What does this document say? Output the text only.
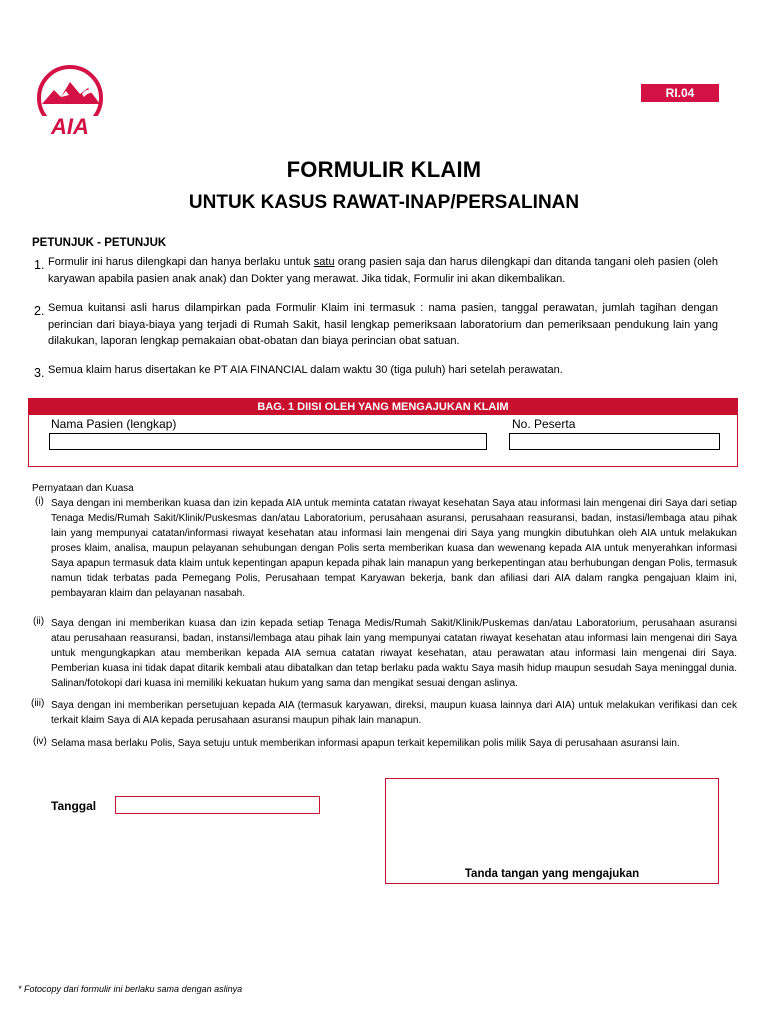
AIA
RI.04
FORMULIR KLAIM
UNTUK KASUS RAWAT-INAP/PERSALINAN
PETUNJUK - PETUNJUK
1. Formulir ini harus dilengkapi dan hanya berlaku untuk satu orang pasien saja dan harus dilengkapi dan ditanda tangani oleh pasien (oleh karyawan apabila pasien anak anak) dan Dokter yang merawat. Jika tidak, Formulir ini akan dikembalikan.
2. Semua kuitansi asli harus dilampirkan pada Formulir Klaim ini termasuk : nama pasien, tanggal perawatan, jumlah tagihan dengan perincian dari biaya-biaya yang terjadi di Rumah Sakit, hasil lengkap pemeriksaan laboratorium dan pemeriksaan pendukung lain yang dilakukan, laporan lengkap pemakaian obat-obatan dan biaya perincian obat satuan.
3. Semua klaim harus disertakan ke PT AIA FINANCIAL dalam waktu 30 (tiga puluh) hari setelah perawatan.
BAG. 1 DIISI OLEH YANG MENGAJUKAN KLAIM
Nama Pasien (lengkap)	No. Peserta
Pernyataan dan Kuasa
(i) Saya dengan ini memberikan kuasa dan izin kepada AIA untuk meminta catatan riwayat kesehatan Saya atau informasi lain mengenai diri Saya dari setiap Tenaga Medis/Rumah Sakit/Klinik/Puskesmas dan/atau Laboratorium, perusahaan asuransi, perusahaan reasuransi, badan, instasi/lembaga atau pihak lain yang mempunyai catatan/informasi riwayat kesehatan atau informasi lain mengenai diri Saya yang mungkin dibutuhkan oleh AIA untuk melakukan proses klaim, analisa, maupun pelayanan sehubungan dengan Polis serta memberikan kuasa dan wewenang kepada AIA untuk menyerahkan informasi Saya apapun termasuk data klaim untuk kepentingan apapun kepada pihak lain manapun yang berkepentingan atau berhubungan dengan Polis, termasuk namun tidak terbatas pada Pemegang Polis, Perusahaan tempat Karyawan bekerja, bank dan afiliasi dari AIA dalam rangka pengajuan klaim ini, pembayaran klaim dan pelayanan nasabah.
(ii) Saya dengan ini memberikan kuasa dan izin kepada setiap Tenaga Medis/Rumah Sakit/Klinik/Puskemas dan/atau Laboratorium, perusahaan asuransi atau perusahaan reasuransi, badan, instansi/lembaga atau pihak lain yang mempunyai catatan riwayat kesehatan atau informasi lain mengenai diri Saya untuk mengungkapkan atau memberikan kepada AIA semua catatan riwayat kesehatan, atau perawatan atau informasi lain mengenai diri Saya. Pemberian kuasa ini tidak dapat ditarik kembali atau dibatalkan dan tetap berlaku pada waktu Saya masih hidup maupun sesudah Saya meninggal dunia. Salinan/fotokopi dari kuasa ini memiliki kekuatan hukum yang sama dan mengikat sesuai dengan aslinya.
(iii) Saya dengan ini memberikan persetujuan kepada AIA (termasuk karyawan, direksi, maupun kuasa lainnya dari AIA) untuk melakukan verifikasi dan cek terkait klaim Saya di AIA kepada perusahaan asuransi maupun pihak lain manapun.
(iv) Selama masa berlaku Polis, Saya setuju untuk memberikan informasi apapun terkait kepemilikan polis milik Saya di perusahaan asuransi lain.
Tanggal
Tanda tangan yang mengajukan
* Fotocopy dari formulir ini berlaku sama dengan aslinya
